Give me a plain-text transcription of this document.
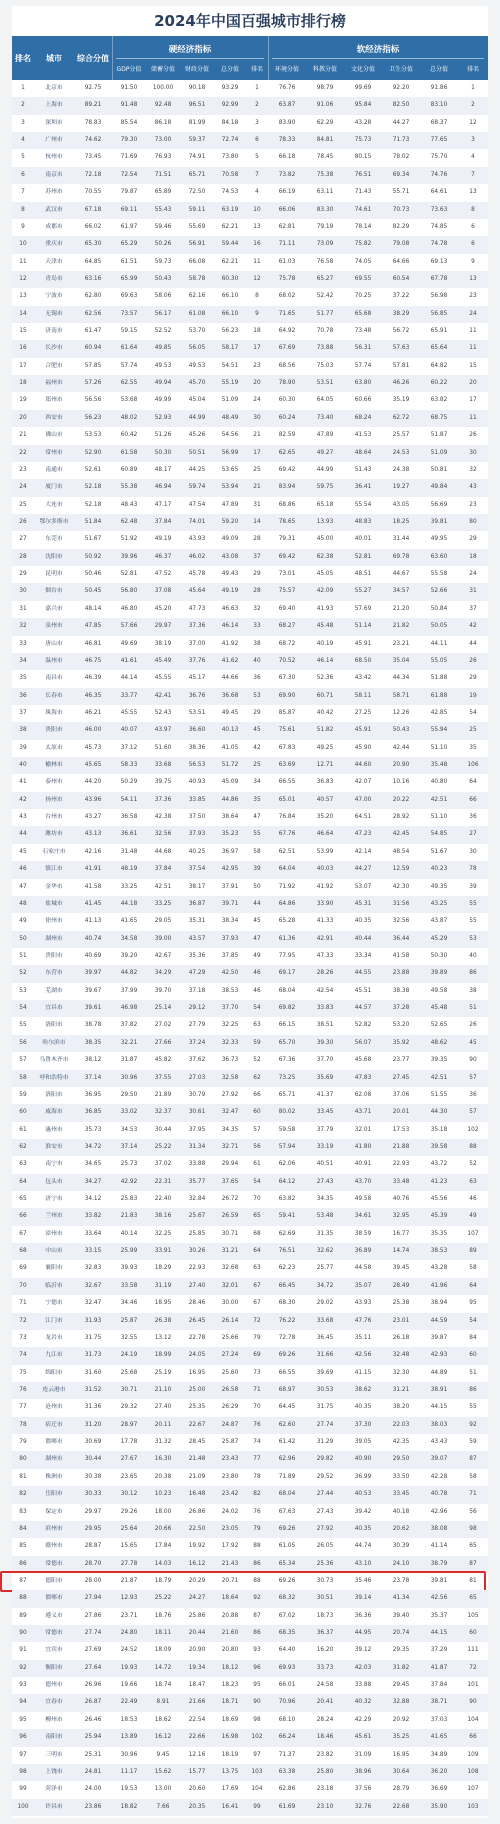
2024年中国百强城市排行榜
排名	城市	综合分值
硬经济指标
GDP分值	储蓄分值	财政分值	总分值	排名
软经济指标
环境分值	科教分值	文化分值	卫生分值	总分值	排名
1	北京市	92.75	91.50	100.00	90.18	93.29	1	76.76	98.79	99.69	92.20	91.86	1
2	上海市	89.21	91.48	92.48	96.51	92.99	2	63.87	91.06	95.84	82.50	83.10	2
3	深圳市	78.83	85.54	86.18	81.99	84.18	3	83.90	62.29	43.28	44.27	68.37	12
4	广州市	74.62	79.30	73.00	59.37	72.74	6	78.33	84.81	75.73	71.73	77.65	3
5	杭州市	73.45	71.69	76.93	74.91	73.80	5	66.18	78.45	80.15	78.02	75.70	4
6	南京市	72.18	72.54	71.51	65.71	70.58	7	73.82	75.38	76.51	69.34	74.76	7
7	苏州市	70.55	79.87	65.89	72.50	74.53	4	66.19	63.11	71.43	55.71	64.61	13
8	武汉市	67.18	69.11	55.43	59.11	63.19	10	66.06	83.30	74.61	70.73	73.63	8
9	成都市	66.02	61.97	59.46	55.69	62.21	13	62.81	79.19	78.14	82.29	74.85	6
10	重庆市	65.30	65.29	50.26	56.91	59.44	16	71.11	73.09	75.82	79.08	74.78	6
11	天津市	64.85	61.51	59.73	66.08	62.21	11	61.03	76.58	74.05	64.66	69.13	9
12	青岛市	63.16	65.99	50.43	58.78	60.30	12	75.78	65.27	69.55	60.54	67.78	13
13	宁波市	62.80	69.63	58.06	62.16	66.10	8	68.02	52.42	70.25	37.22	56.98	23
14	无锡市	62.56	73.57	56.17	61.08	66.10	9	71.65	51.77	65.68	38.29	56.85	24
15	济南市	61.47	59.15	52.52	53.70	56.23	18	64.92	70.78	73.48	56.72	65.91	11
16	长沙市	60.94	61.64	49.85	56.05	58.17	17	67.69	73.88	56.31	57.63	65.64	11
17	合肥市	57.85	57.74	49.53	49.53	54.51	23	68.56	75.03	57.74	57.81	64.82	15
18	福州市	57.26	62.55	49.94	45.70	55.19	20	78.90	53.51	63.80	46.26	60.22	20
19	郑州市	56.56	53.68	49.99	45.04	51.09	24	60.30	64.05	60.66	35.19	63.82	17
20	西安市	56.23	48.02	52.93	44.99	48.49	30	60.24	73.40	68.24	62.72	68.75	11
21	佛山市	53.53	60.42	51.26	45.26	54.56	21	82.59	47.89	41.53	25.57	51.87	26
22	常州市	52.90	61.58	50.30	50.51	56.99	17	62.65	49.27	48.64	24.53	51.09	30
23	南通市	52.61	60.89	48.17	44.25	53.65	25	69.42	44.99	51.43	24.38	50.81	32
24	厦门市	52.18	55.38	46.94	59.74	53.94	21	83.94	59.75	36.41	19.27	49.84	43
25	大连市	52.18	48.43	47.17	47.54	47.89	31	68.86	65.18	55.54	43.05	56.69	23
26	鄂尔多斯市	51.84	62.48	37.84	74.01	59.20	14	78.65	13.93	48.83	18.25	39.81	80
27	东莞市	51.67	51.92	49.19	43.93	49.09	28	79.31	45.00	40.01	31.44	49.95	29
28	沈阳市	50.92	39.96	46.37	46.02	43.08	37	69.42	62.38	52.81	69.78	63.60	18
29	昆明市	50.46	52.81	47.52	45.78	49.43	29	73.01	45.05	48.51	44.67	55.58	24
30	烟台市	50.45	56.80	37.08	45.64	49.19	28	75.57	42.09	55.27	34.57	52.66	31
31	嘉兴市	48.14	46.80	45.20	47.73	46.63	32	69.40	41.93	57.69	21.20	50.84	37
32	泉州市	47.85	57.66	29.97	37.36	46.14	33	68.27	45.48	51.14	21.82	50.05	42
33	唐山市	46.81	49.69	38.19	37.00	41.92	38	68.72	40.19	45.91	23.21	44.11	44
34	温州市	46.75	41.61	45.49	37.76	41.62	40	70.52	46.14	68.50	35.04	55.05	26
35	南昌市	46.39	44.14	45.55	45.17	44.66	36	67.30	52.36	43.42	44.34	51.88	29
36	长春市	46.35	33.77	42.41	36.76	36.68	53	69.90	60.71	58.11	58.71	61.88	19
37	珠海市	46.21	45.55	52.43	53.51	49.45	29	85.87	40.42	27.25	12.26	42.85	54
38	贵阳市	46.00	40.07	43.97	36.60	40.13	45	75.61	51.82	45.91	50.43	55.94	25
39	太原市	45.73	37.12	51.60	38.36	41.05	42	67.83	49.25	45.90	42.44	51.10	35
40	榆林市	45.65	58.33	33.68	56.53	51.72	25	63.69	12.71	44.60	20.90	35.48	106
41	泰州市	44.20	50.29	39.75	40.93	45.09	34	66.55	36.83	42.07	10.16	40.80	64
42	扬州市	43.96	54.11	37.36	33.85	44.86	35	65.01	40.57	47.00	20.22	42.51	66
43	台州市	43.27	36.58	42.38	37.50	38.64	47	76.84	35.20	64.51	28.92	51.10	36
44	潍坊市	43.13	36.61	32.56	37.93	35.23	55	67.76	46.64	47.23	42.45	54.85	27
45	石家庄市	42.16	31.48	44.68	40.25	36.97	58	62.51	53.99	42.14	48.54	51.67	30
46	镇江市	41.91	48.19	37.84	37.54	42.95	39	64.04	40.03	44.27	12.59	40.23	78
47	金华市	41.58	33.25	42.51	38.17	37.91	50	71.92	41.92	53.07	42.30	49.35	39
48	盐城市	41.45	44.18	33.25	36.87	39.71	44	64.86	33.90	45.31	31.56	43.25	55
49	徐州市	41.13	41.65	29.05	35.31	38.34	45	65.28	41.33	40.35	32.56	43.87	55
50	湖州市	40.74	34.58	39.00	43.57	37.93	47	61.36	42.91	40.44	36.44	45.29	53
51	贵阳市	40.69	39.20	42.67	35.36	37.85	49	77.95	47.33	33.34	41.58	50.30	40
52	东营市	39.97	44.82	34.29	47.29	42.50	46	69.17	28.26	44.55	23.88	39.89	86
53	芜湖市	39.67	37.99	39.70	37.18	38.53	46	68.04	42.54	45.51	38.38	49.58	38
54	宜昌市	39.61	46.98	25.14	29.12	37.70	54	69.82	33.83	44.57	37.28	45.48	51
55	洛阳市	38.78	37.82	27.02	27.79	32.25	63	66.15	38.51	52.82	53.20	52.65	26
56	哈尔滨市	38.35	32.21	27.66	37.24	32.33	59	65.70	39.30	56.07	35.92	48.62	45
57	乌鲁木齐市	38.12	31.87	45.82	37.62	36.73	52	67.36	37.70	45.68	23.77	39.35	90
58	呼和浩特市	37.14	30.96	37.55	27.03	32.58	62	73.25	35.69	47.83	27.45	42.51	57
59	洛阳市	36.95	29.50	21.89	30.79	27.92	66	65.71	41.37	62.08	37.06	51.55	36
60	威海市	36.85	33.02	32.37	30.61	32.47	60	80.02	33.45	43.71	20.01	44.30	57
61	惠州市	35.73	34.53	30.44	37.95	34.35	57	59.58	37.79	32.01	17.53	35.18	102
62	淮安市	34.72	37.14	25.22	31.34	32.71	56	57.94	33.19	41.80	21.88	39.58	88
63	南宁市	34.65	25.73	37.02	33.88	29.94	61	62.06	40.51	40.91	22.93	43.72	52
64	包头市	34.27	42.92	22.31	35.77	37.65	54	64.12	27.43	43.70	33.48	41.23	63
65	济宁市	34.12	25.83	22.40	32.84	26.72	70	63.82	34.35	49.58	40.76	45.56	46
66	兰州市	33.82	21.83	38.16	25.67	26.59	65	59.41	53.48	34.61	32.95	45.39	49
67	漳州市	33.64	40.14	32.25	25.85	30.71	68	62.69	31.35	38.59	16.77	35.35	107
68	中山市	33.15	25.99	33.91	30.26	31.21	64	76.51	32.62	36.89	14.74	38.53	89
69	襄阳市	32.83	39.93	18.29	22.93	32.68	63	62.23	25.77	44.58	39.45	43.28	58
70	临沂市	32.67	33.58	31.19	27.40	32.01	67	66.45	34.72	35.07	28.49	41.96	64
71	宁德市	32.47	34.46	18.95	28.46	30.00	67	68.30	29.02	43.93	25.38	38.94	95
72	江门市	31.93	25.87	26.38	26.45	26.14	72	76.22	33.68	47.76	23.01	44.59	54
73	龙岩市	31.75	32.55	13.12	22.78	25.66	79	72.78	36.45	35.11	26.18	39.87	84
74	九江市	31.73	24.19	18.99	24.05	27.24	69	69.26	31.66	42.56	32.48	42.93	60
75	绵阳市	31.60	25.68	25.19	16.95	25.60	73	66.55	39.69	41.15	32.30	44.89	51
76	连云港市	31.52	30.71	21.10	25.00	26.58	71	68.97	30.53	38.62	31.21	38.91	86
77	沧州市	31.36	29.32	27.40	25.35	26.29	70	64.45	31.75	40.35	38.20	44.15	55
78	宿迁市	31.20	28.97	20.11	22.67	24.87	76	62.60	27.74	37.30	22.03	38.03	92
79	邯郸市	30.69	17.78	31.32	28.45	25.87	74	61.42	31.29	39.05	42.35	43.43	59
80	湖州市	30.44	27.67	16.30	21.48	23.43	77	62.96	29.82	40.90	29.50	39.07	87
81	株洲市	30.38	23.65	20.38	21.09	23.80	78	71.89	29.52	36.99	33.50	42.28	58
82	岳阳市	30.33	30.12	10.23	16.48	23.42	82	68.04	27.44	40.53	33.45	40.78	71
83	保定市	29.97	29.26	18.00	26.86	24.02	76	67.63	27.43	39.42	40.18	42.96	56
84	滨州市	29.95	25.64	20.66	22.50	23.05	79	69.26	27.92	40.35	20.62	38.08	98
85	赣州市	28.87	15.65	17.84	19.92	17.92	88	61.05	26.05	44.74	30.39	41.14	65
86	常德市	28.70	27.78	14.03	16.12	21.43	86	65.34	25.36	43.10	24.10	38.79	87
87	德阳市	28.00	21.87	18.79	20.29	20.71	88	69.26	30.73	35.46	23.78	39.81	81
88	邯郸市	27.94	12.93	25.22	24.27	18.64	92	68.32	30.51	39.14	41.34	42.56	65
89	遵义市	27.86	23.71	18.76	25.86	20.88	87	67.02	18.73	36.36	39.40	35.37	105
90	常德市	27.74	24.80	18.11	20.44	21.60	86	68.35	36.37	44.95	20.74	44.15	60
91	宜宾市	27.69	24.52	18.09	20.90	20.80	93	64.40	16.20	39.12	29.35	37.29	111
92	衡阳市	27.64	19.93	14.72	19.34	18.12	96	69.93	33.73	42.03	31.82	41.87	72
93	德州市	26.96	19.66	18.74	18.47	18.23	95	66.01	24.58	33.88	29.45	37.84	101
94	宜春市	26.87	22.49	8.91	21.66	18.71	90	70.96	20.41	40.32	32.88	38.71	90
95	柳州市	26.46	18.53	18.62	22.54	18.69	98	68.10	28.24	42.29	20.92	37.03	104
96	南阳市	25.94	13.89	16.12	22.66	16.98	102	66.24	18.46	45.61	35.25	41.65	66
97	三明市	25.31	30.96	9.45	12.16	18.19	97	71.37	23.82	31.09	16.95	34.89	109
98	上饶市	24.81	11.17	15.62	15.77	13.75	103	63.38	25.80	38.96	30.64	36.20	108
99	菏泽市	24.00	19.53	13.00	20.60	17.69	104	62.86	23.18	37.56	28.79	36.69	107
100	许昌市	23.86	18.82	7.66	20.35	16.41	99	61.69	23.10	32.76	22.68	35.90	103
